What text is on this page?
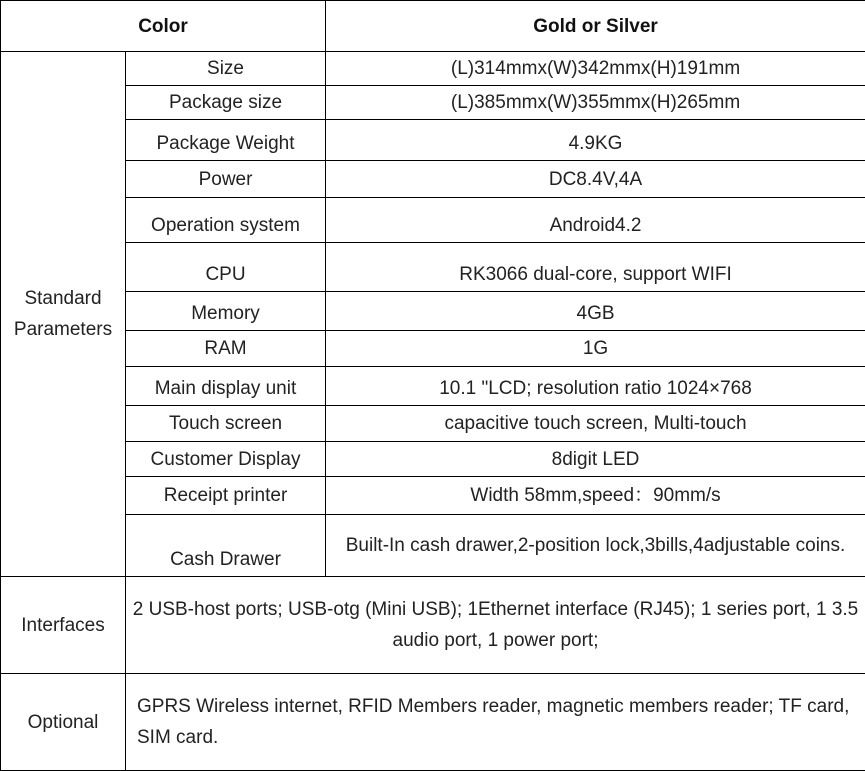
Color		Gold or Silver
Standard
Parameters	Size	(L)314mmx(W)342mmx(H)191mm
	Package size	(L)385mmx(W)355mmx(H)265mm
	Package Weight	4.9KG
	Power	DC8.4V,4A
	Operation system	Android4.2
	CPU	RK3066 dual-core, support WIFI
	Memory	4GB
	RAM	1G
	Main display unit	10.1 "LCD; resolution ratio 1024×768
	Touch screen	capacitive touch screen, Multi-touch
	Customer Display	8digit LED
	Receipt printer	Width 58mm,speed：90mm/s
	Cash Drawer	Built-In cash drawer,2-position lock,3bills,4adjustable coins.
Interfaces	2 USB-host ports; USB-otg (Mini USB); 1Ethernet interface (RJ45); 1 series port, 1 3.5 audio port, 1 power port;	
Optional	GPRS Wireless internet, RFID Members reader, magnetic members reader; TF card, SIM card.	
